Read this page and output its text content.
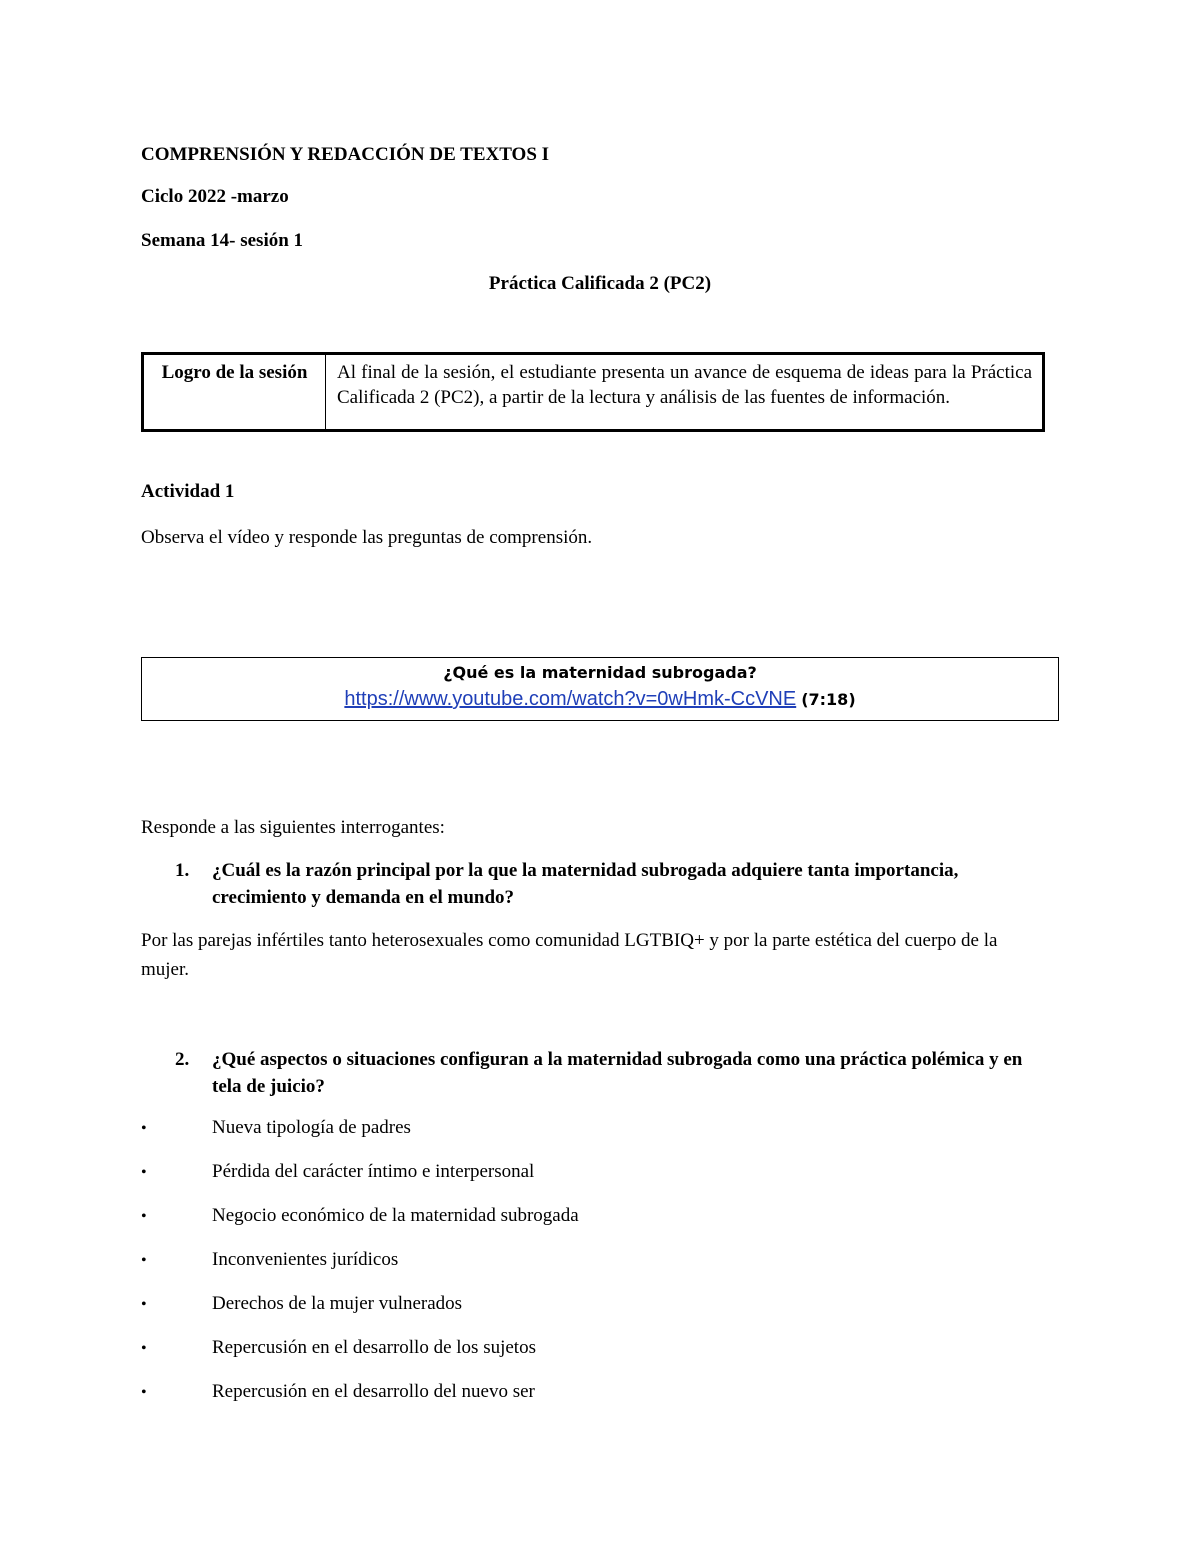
COMPRENSIÓN Y REDACCIÓN DE TEXTOS I
Ciclo 2022 -marzo
Semana 14- sesión 1
Práctica Calificada 2 (PC2)
Logro de la sesión	Al final de la sesión, el estudiante presenta un avance de esquema de ideas para la Práctica Calificada 2 (PC2), a partir de la lectura y análisis de las fuentes de información.
Actividad 1
Observa el vídeo y responde las preguntas de comprensión.
¿Qué es la maternidad subrogada?
https://www.youtube.com/watch?v=0wHmk-CcVNE (7:18)
Responde a las siguientes interrogantes:
1. ¿Cuál es la razón principal por la que la maternidad subrogada adquiere tanta importancia, crecimiento y demanda en el mundo?
Por las parejas infértiles tanto heterosexuales como comunidad LGTBIQ+ y por la parte estética del cuerpo de la mujer.
2. ¿Qué aspectos o situaciones configuran a la maternidad subrogada como una práctica polémica y en tela de juicio?
•	Nueva tipología de padres
•	Pérdida del carácter íntimo e interpersonal
•	Negocio económico de la maternidad subrogada
•	Inconvenientes jurídicos
•	Derechos de la mujer vulnerados
•	Repercusión en el desarrollo de los sujetos
•	Repercusión en el desarrollo del nuevo ser
